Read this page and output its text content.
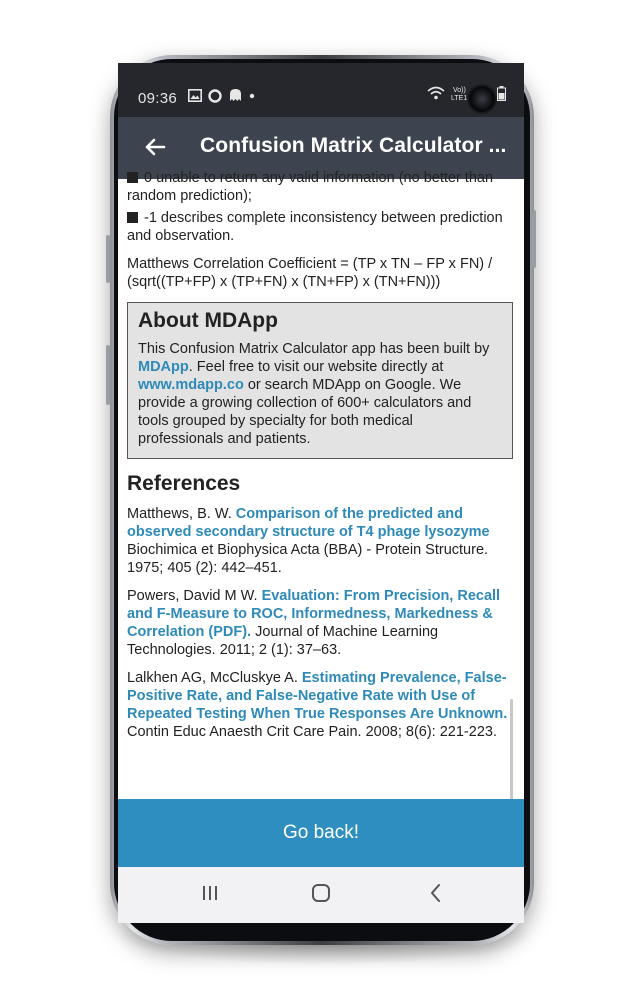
09:36	Vo))
LTE1
Confusion Matrix Calculator ...

0 unable to return any valid information (no better than random prediction);

-1 describes complete inconsistency between prediction and observation.

Matthews Correlation Coefficient = (TP x TN – FP x FN) / (sqrt((TP+FP) x (TP+FN) x (TN+FP) x (TN+FN)))

About MDApp

This Confusion Matrix Calculator app has been built by MDApp. Feel free to visit our website directly at www.mdapp.co or search MDApp on Google. We provide a growing collection of 600+ calculators and tools grouped by specialty for both medical professionals and patients.

References

Matthews, B. W. Comparison of the predicted and observed secondary structure of T4 phage lysozyme
Biochimica et Biophysica Acta (BBA) - Protein Structure. 1975; 405 (2): 442–451.

Powers, David M W. Evaluation: From Precision, Recall and F-Measure to ROC, Informedness, Markedness & Correlation (PDF). Journal of Machine Learning Technologies. 2011; 2 (1): 37–63.

Lalkhen AG, McCluskye A. Estimating Prevalence, False-Positive Rate, and False-Negative Rate with Use of Repeated Testing When True Responses Are Unknown. Contin Educ Anaesth Crit Care Pain. 2008; 8(6): 221-223.

Go back!
